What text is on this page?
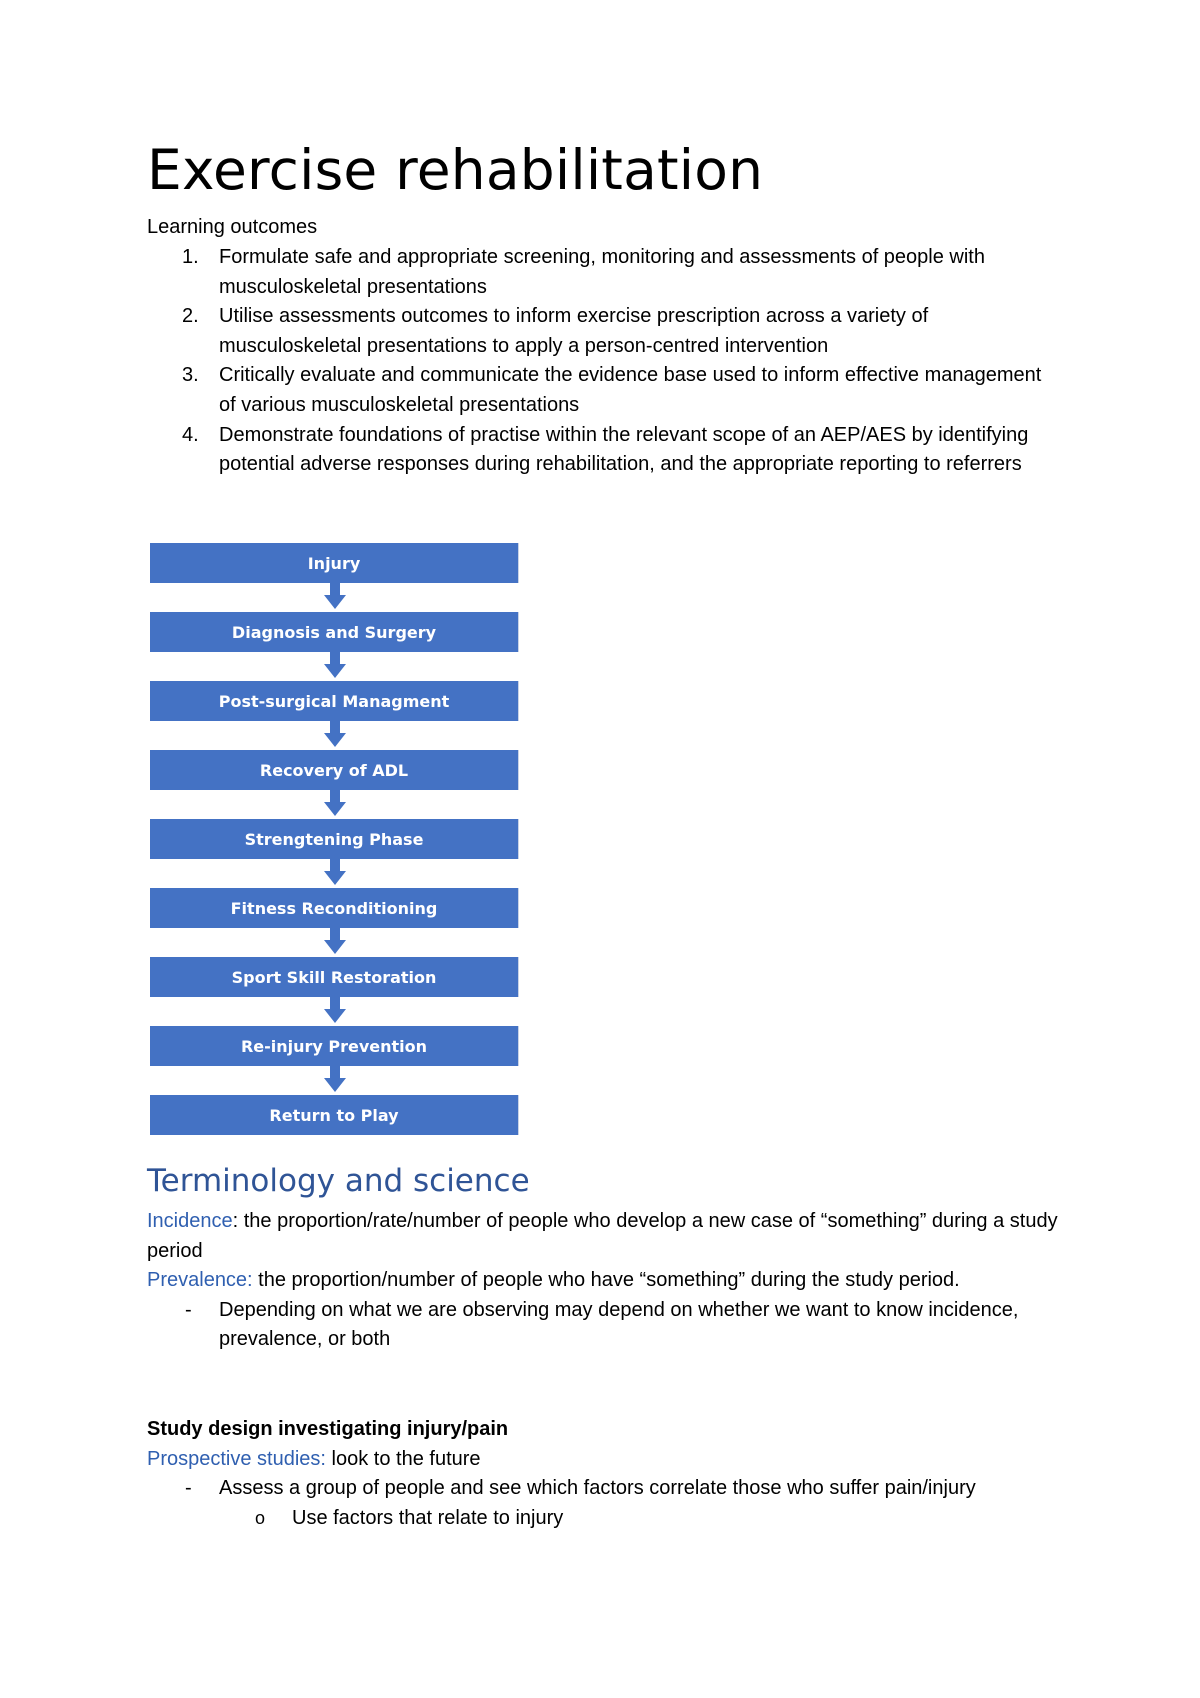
Exercise rehabilitation

Learning outcomes

1. Formulate safe and appropriate screening, monitoring and assessments of people with musculoskeletal presentations
2. Utilise assessments outcomes to inform exercise prescription across a variety of musculoskeletal presentations to apply a person-centred intervention
3. Critically evaluate and communicate the evidence base used to inform effective management of various musculoskeletal presentations
4. Demonstrate foundations of practise within the relevant scope of an AEP/AES by identifying potential adverse responses during rehabilitation, and the appropriate reporting to referrers
Injury
Diagnosis and Surgery
Post-surgical Managment
Recovery of ADL
Strengtening Phase
Fitness Reconditioning
Sport Skill Restoration
Re-injury Prevention
Return to Play
Terminology and science

Incidence: the proportion/rate/number of people who develop a new case of “something” during a study period

Prevalence: the proportion/number of people who have “something” during the study period.

- Depending on what we are observing may depend on whether we want to know incidence, prevalence, or both

Study design investigating injury/pain

Prospective studies: look to the future

- Assess a group of people and see which factors correlate those who suffer pain/injury
o Use factors that relate to injury
